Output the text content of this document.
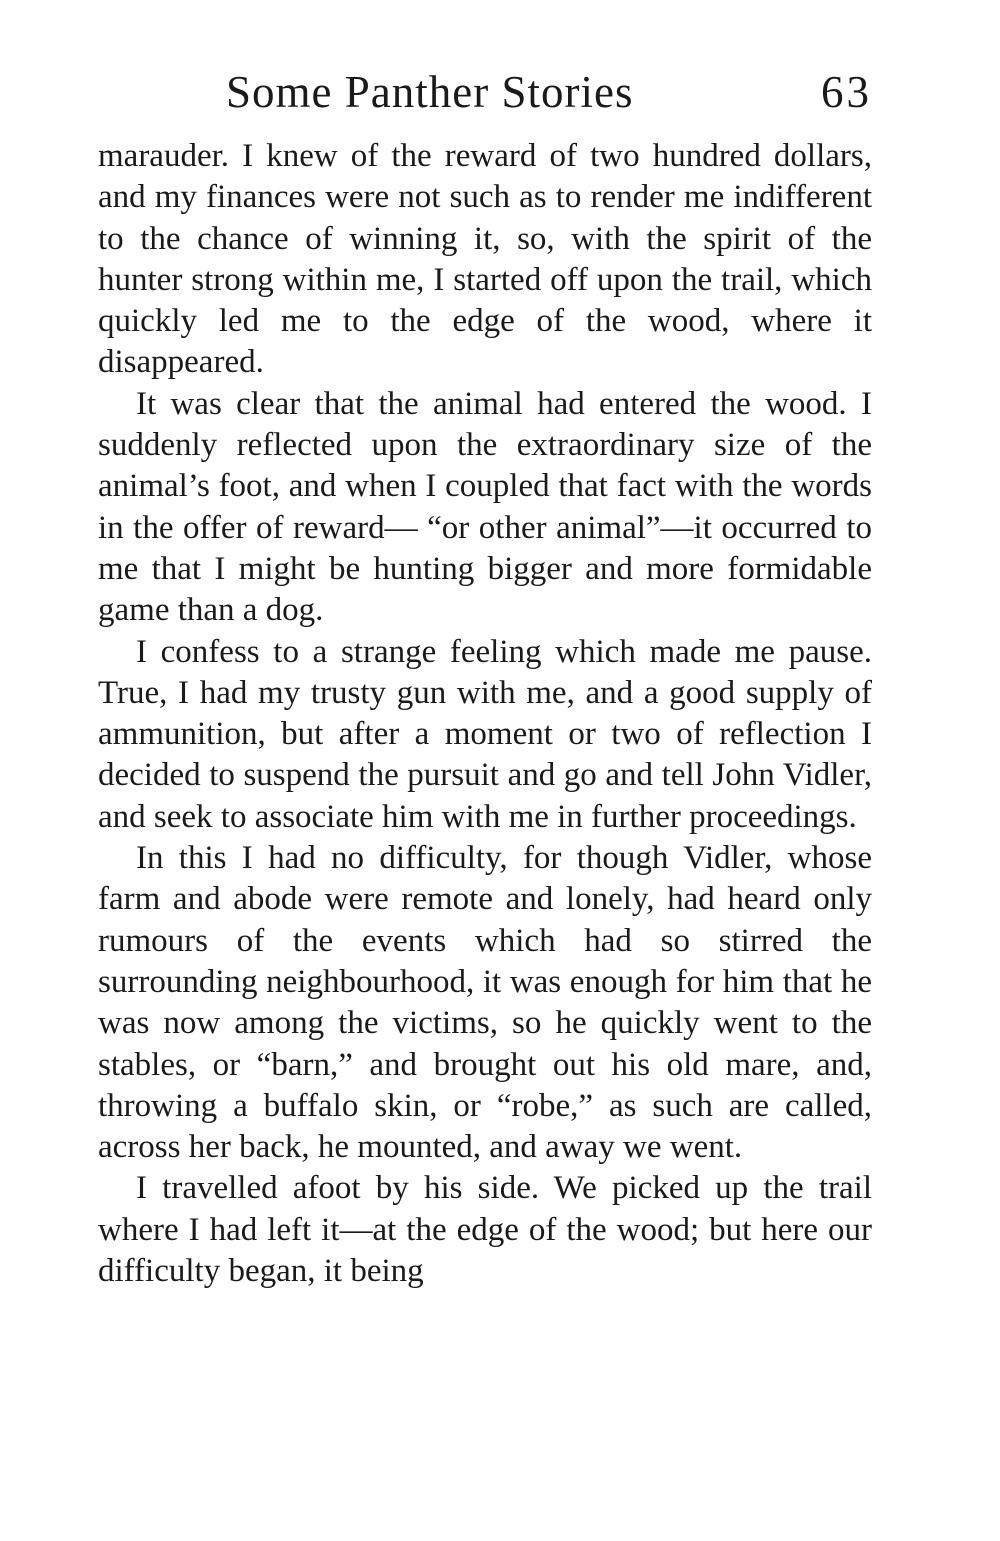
Some Panther Stories	63

marauder. I knew of the reward of two hundred dollars, and my finances were not such as to render me indifferent to the chance of winning it, so, with the spirit of the hunter strong within me, I started off upon the trail, which quickly led me to the edge of the wood, where it disappeared.

It was clear that the animal had entered the wood. I suddenly reflected upon the extraordinary size of the animal’s foot, and when I coupled that fact with the words in the offer of reward— “or other animal”—it occurred to me that I might be hunting bigger and more formidable game than a dog.

I confess to a strange feeling which made me pause. True, I had my trusty gun with me, and a good supply of ammunition, but after a moment or two of reflection I decided to suspend the pursuit and go and tell John Vidler, and seek to associate him with me in further proceedings.

In this I had no difficulty, for though Vidler, whose farm and abode were remote and lonely, had heard only rumours of the events which had so stirred the surrounding neighbourhood, it was enough for him that he was now among the victims, so he quickly went to the stables, or “barn,” and brought out his old mare, and, throwing a buffalo skin, or “robe,” as such are called, across her back, he mounted, and away we went.

I travelled afoot by his side. We picked up the trail where I had left it—at the edge of the wood; but here our difficulty began, it being
